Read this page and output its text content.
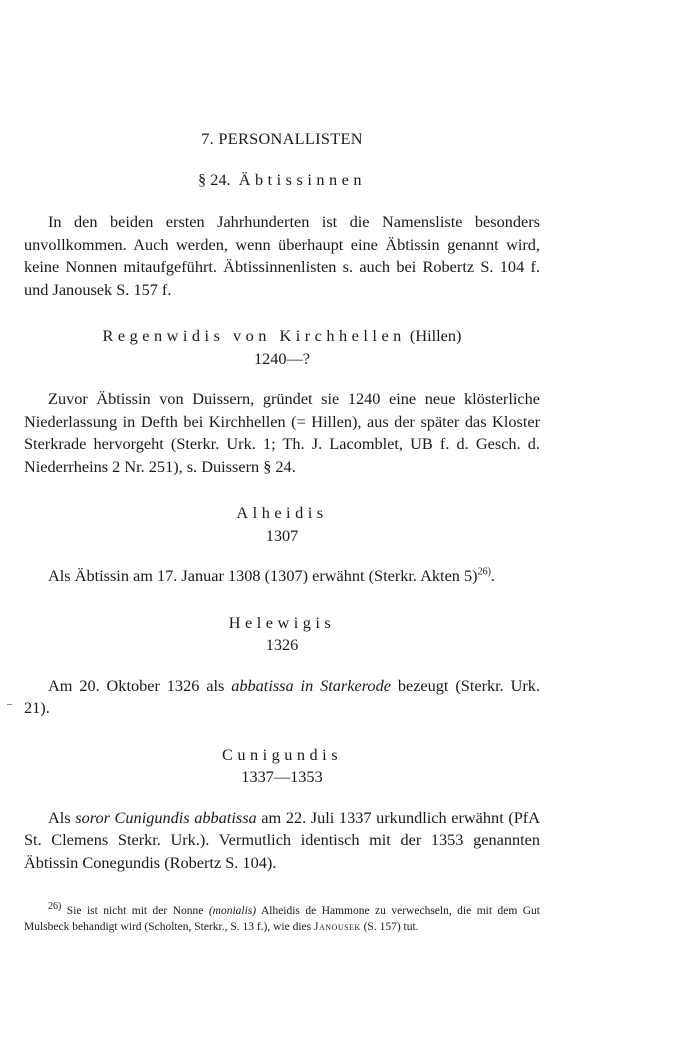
7. PERSONALLISTEN

§ 24. Äbtissinnen

In den beiden ersten Jahrhunderten ist die Namensliste besonders unvollkommen. Auch werden, wenn überhaupt eine Äbtissin genannt wird, keine Nonnen mitaufgeführt. Äbtissinnenlisten s. auch bei Robertz S. 104 f. und Janousek S. 157 f.

Regenwidis von Kirchhellen (Hillen)

1240—?

Zuvor Äbtissin von Duissern, gründet sie 1240 eine neue klösterliche Niederlassung in Defth bei Kirchhellen (= Hillen), aus der später das Kloster Sterkrade hervorgeht (Sterkr. Urk. 1; Th. J. Lacomblet, UB f. d. Gesch. d. Niederrheins 2 Nr. 251), s. Duissern § 24.

Alheidis

1307

Als Äbtissin am 17. Januar 1308 (1307) erwähnt (Sterkr. Akten 5)$^{26)}$.

Helewigis

1326

Am 20. Oktober 1326 als abbatissa in Starkerode bezeugt (Sterkr. Urk. 21).

Cunigundis

1337—1353

Als soror Cunigundis abbatissa am 22. Juli 1337 urkundlich erwähnt (PfA St. Clemens Sterkr. Urk.). Vermutlich identisch mit der 1353 genannten Äbtissin Conegundis (Robertz S. 104).

26) Sie ist nicht mit der Nonne (monialis) Alheidis de Hammone zu verwechseln, die mit dem Gut Mulsbeck behandigt wird (Scholten, Sterkr., S. 13 f.), wie dies Janousek (S. 157) tut.
